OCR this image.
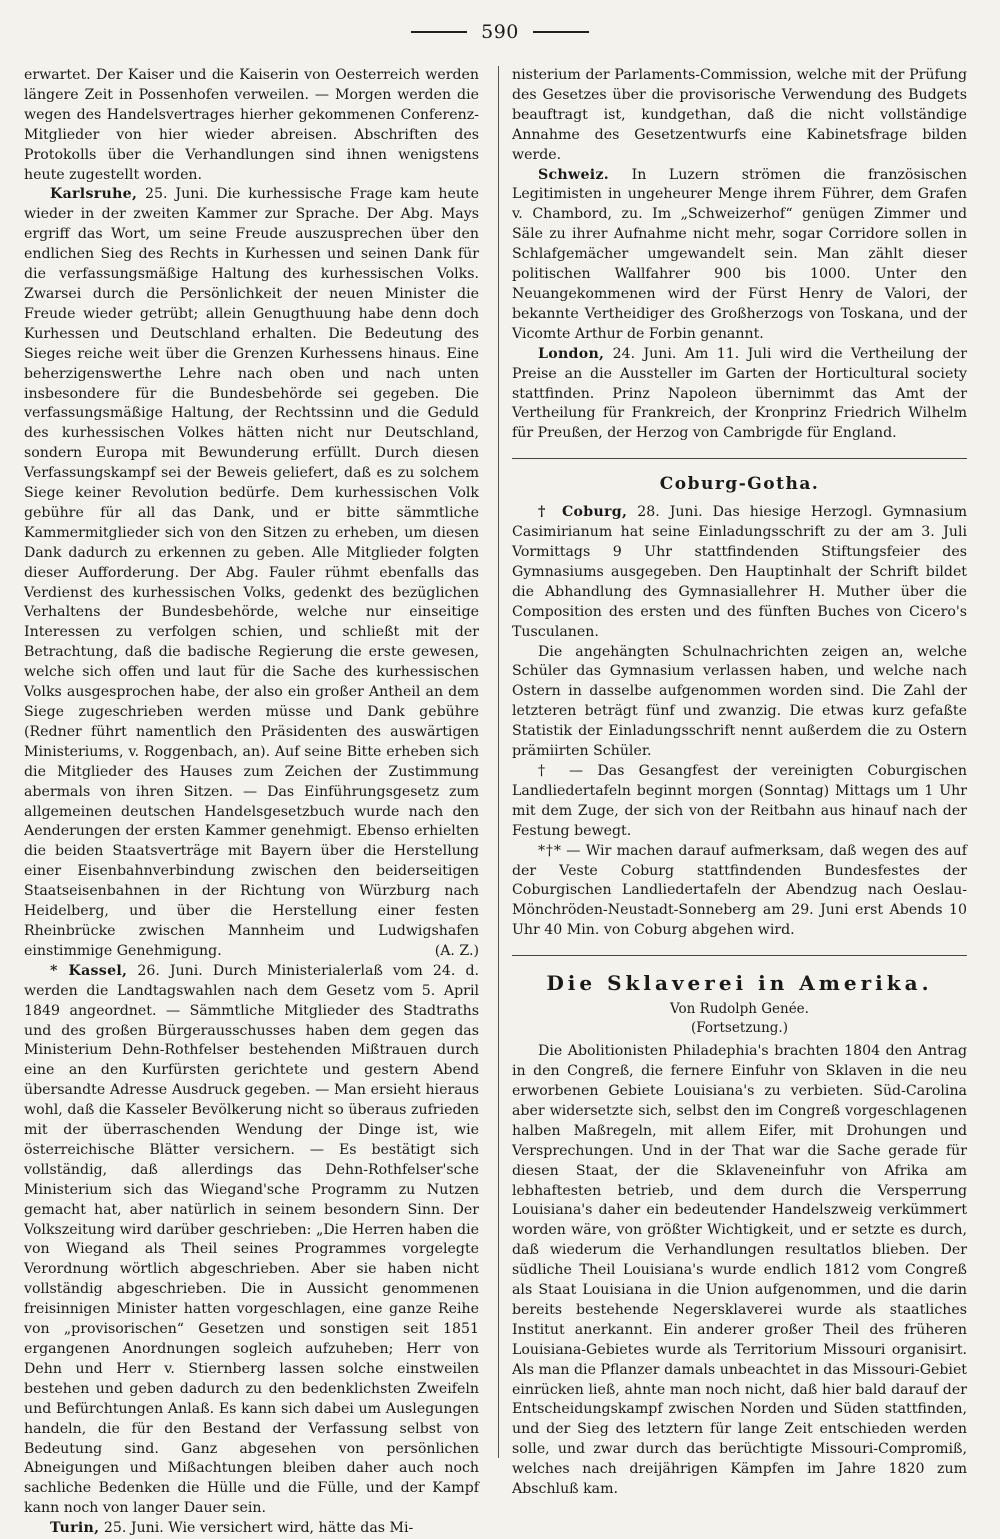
590

erwartet. Der Kaiser und die Kaiserin von Oesterreich werden längere Zeit in Possenhofen verweilen. — Morgen werden die wegen des Handelsvertrages hierher gekommenen Conferenz-Mitglieder von hier wieder abreisen. Abschriften des Protokolls über die Verhandlungen sind ihnen wenigstens heute zugestellt worden.

Karlsruhe, 25. Juni. Die kurhessische Frage kam heute wieder in der zweiten Kammer zur Sprache. Der Abg. Mays ergriff das Wort, um seine Freude auszusprechen über den endlichen Sieg des Rechts in Kurhessen und seinen Dank für die verfassungsmäßige Haltung des kurhessischen Volks. Zwarsei durch die Persönlichkeit der neuen Minister die Freude wieder getrübt; allein Genugthuung habe denn doch Kurhessen und Deutschland erhalten. Die Bedeutung des Sieges reiche weit über die Grenzen Kurhessens hinaus. Eine beherzigenswerthe Lehre nach oben und nach unten insbesondere für die Bundesbehörde sei gegeben. Die verfassungsmäßige Haltung, der Rechtssinn und die Geduld des kurhessischen Volkes hätten nicht nur Deutschland, sondern Europa mit Bewunderung erfüllt. Durch diesen Verfassungskampf sei der Beweis geliefert, daß es zu solchem Siege keiner Revolution bedürfe. Dem kurhessischen Volk gebühre für all das Dank, und er bitte sämmtliche Kammermitglieder sich von den Sitzen zu erheben, um diesen Dank dadurch zu erkennen zu geben. Alle Mitglieder folgten dieser Aufforderung. Der Abg. Fauler rühmt ebenfalls das Verdienst des kurhessischen Volks, gedenkt des bezüglichen Verhaltens der Bundesbehörde, welche nur einseitige Interessen zu verfolgen schien, und schließt mit der Betrachtung, daß die badische Regierung die erste gewesen, welche sich offen und laut für die Sache des kurhessischen Volks ausgesprochen habe, der also ein großer Antheil an dem Siege zugeschrieben werden müsse und Dank gebühre (Redner führt namentlich den Präsidenten des auswärtigen Ministeriums, v. Roggenbach, an). Auf seine Bitte erheben sich die Mitglieder des Hauses zum Zeichen der Zustimmung abermals von ihren Sitzen. — Das Einführungsgesetz zum allgemeinen deutschen Handelsgesetzbuch wurde nach den Aenderungen der ersten Kammer genehmigt. Ebenso erhielten die beiden Staatsverträge mit Bayern über die Herstellung einer Eisenbahnverbindung zwischen den beiderseitigen Staatseisenbahnen in der Richtung von Würzburg nach Heidelberg, und über die Herstellung einer festen Rheinbrücke zwischen Mannheim und Ludwigshafen einstimmige Genehmigung.	(A. Z.)

* Kassel, 26. Juni. Durch Ministerialerlaß vom 24. d. werden die Landtagswahlen nach dem Gesetz vom 5. April 1849 angeordnet. — Sämmtliche Mitglieder des Stadtraths und des großen Bürgerausschusses haben dem gegen das Ministerium Dehn-Rothfelser bestehenden Mißtrauen durch eine an den Kurfürsten gerichtete und gestern Abend übersandte Adresse Ausdruck gegeben. — Man ersieht hieraus wohl, daß die Kasseler Bevölkerung nicht so überaus zufrieden mit der überraschenden Wendung der Dinge ist, wie österreichische Blätter versichern. — Es bestätigt sich vollständig, daß allerdings das Dehn-Rothfelser'sche Ministerium sich das Wiegand'sche Programm zu Nutzen gemacht hat, aber natürlich in seinem besondern Sinn. Der Volkszeitung wird darüber geschrieben: „Die Herren haben die von Wiegand als Theil seines Programmes vorgelegte Verordnung wörtlich abgeschrieben. Aber sie haben nicht vollständig abgeschrieben. Die in Aussicht genommenen freisinnigen Minister hatten vorgeschlagen, eine ganze Reihe von „provisorischen“ Gesetzen und sonstigen seit 1851 ergangenen Anordnungen sogleich aufzuheben; Herr von Dehn und Herr v. Stiernberg lassen solche einstweilen bestehen und geben dadurch zu den bedenklichsten Zweifeln und Befürchtungen Anlaß. Es kann sich dabei um Auslegungen handeln, die für den Bestand der Verfassung selbst von Bedeutung sind. Ganz abgesehen von persönlichen Abneigungen und Mißachtungen bleiben daher auch noch sachliche Bedenken die Hülle und die Fülle, und der Kampf kann noch von langer Dauer sein.

Turin, 25. Juni. Wie versichert wird, hätte das Mi-

nisterium der Parlaments-Commission, welche mit der Prüfung des Gesetzes über die provisorische Verwendung des Budgets beauftragt ist, kundgethan, daß die nicht vollständige Annahme des Gesetzentwurfs eine Kabinetsfrage bilden werde.

Schweiz. In Luzern strömen die französischen Legitimisten in ungeheurer Menge ihrem Führer, dem Grafen v. Chambord, zu. Im „Schweizerhof“ genügen Zimmer und Säle zu ihrer Aufnahme nicht mehr, sogar Corridore sollen in Schlafgemächer umgewandelt sein. Man zählt dieser politischen Wallfahrer 900 bis 1000. Unter den Neuangekommenen wird der Fürst Henry de Valori, der bekannte Vertheidiger des Großherzogs von Toskana, und der Vicomte Arthur de Forbin genannt.

London, 24. Juni. Am 11. Juli wird die Vertheilung der Preise an die Aussteller im Garten der Horticultural society stattfinden. Prinz Napoleon übernimmt das Amt der Vertheilung für Frankreich, der Kronprinz Friedrich Wilhelm für Preußen, der Herzog von Cambrigde für England.

Coburg-Gotha.

† Coburg, 28. Juni. Das hiesige Herzogl. Gymnasium Casimirianum hat seine Einladungsschrift zu der am 3. Juli Vormittags 9 Uhr stattfindenden Stiftungsfeier des Gymnasiums ausgegeben. Den Hauptinhalt der Schrift bildet die Abhandlung des Gymnasiallehrer H. Muther über die Composition des ersten und des fünften Buches von Cicero's Tusculanen.

Die angehängten Schulnachrichten zeigen an, welche Schüler das Gymnasium verlassen haben, und welche nach Ostern in dasselbe aufgenommen worden sind. Die Zahl der letzteren beträgt fünf und zwanzig. Die etwas kurz gefaßte Statistik der Einladungsschrift nennt außerdem die zu Ostern prämiirten Schüler.

† — Das Gesangfest der vereinigten Coburgischen Landliedertafeln beginnt morgen (Sonntag) Mittags um 1 Uhr mit dem Zuge, der sich von der Reitbahn aus hinauf nach der Festung bewegt.

*†* — Wir machen darauf aufmerksam, daß wegen des auf der Veste Coburg stattfindenden Bundesfestes der Coburgischen Landliedertafeln der Abendzug nach Oeslau-Mönchröden-Neustadt-Sonneberg am 29. Juni erst Abends 10 Uhr 40 Min. von Coburg abgehen wird.

Die Sklaverei in Amerika.
Von Rudolph Genée.
(Fortsetzung.)

Die Abolitionisten Philadephia's brachten 1804 den Antrag in den Congreß, die fernere Einfuhr von Sklaven in die neu erworbenen Gebiete Louisiana's zu verbieten. Süd-Carolina aber widersetzte sich, selbst den im Congreß vorgeschlagenen halben Maßregeln, mit allem Eifer, mit Drohungen und Versprechungen. Und in der That war die Sache gerade für diesen Staat, der die Sklaveneinfuhr von Afrika am lebhaftesten betrieb, und dem durch die Versperrung Louisiana's daher ein bedeutender Handelszweig verkümmert worden wäre, von größter Wichtigkeit, und er setzte es durch, daß wiederum die Verhandlungen resultatlos blieben. Der südliche Theil Louisiana's wurde endlich 1812 vom Congreß als Staat Louisiana in die Union aufgenommen, und die darin bereits bestehende Negersklaverei wurde als staatliches Institut anerkannt. Ein anderer großer Theil des früheren Louisiana-Gebietes wurde als Territorium Missouri organisirt. Als man die Pflanzer damals unbeachtet in das Missouri-Gebiet einrücken ließ, ahnte man noch nicht, daß hier bald darauf der Entscheidungskampf zwischen Norden und Süden stattfinden, und der Sieg des letztern für lange Zeit entschieden werden solle, und zwar durch das berüchtigte Missouri-Compromiß, welches nach dreijährigen Kämpfen im Jahre 1820 zum Abschluß kam.
